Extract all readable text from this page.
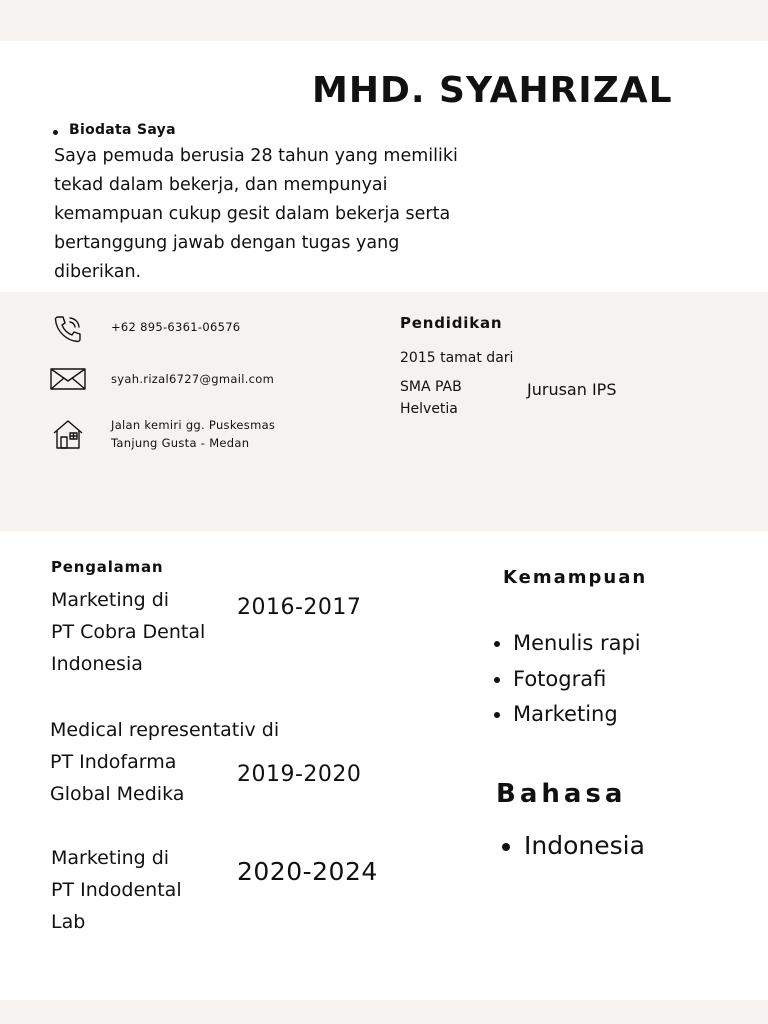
MHD. SYAHRIZAL
Biodata Saya
Saya pemuda berusia 28 tahun yang memiliki tekad dalam bekerja, dan mempunyai kemampuan cukup gesit dalam bekerja serta bertanggung jawab dengan tugas yang diberikan.
+62 895-6361-06576
syah.rizal6727@gmail.com
Jalan kemiri gg. Puskesmas
Tanjung Gusta - Medan
Pendidikan
2015 tamat dari
SMA PAB
Helvetia
Jurusan IPS
Pengalaman
Marketing di
PT Cobra Dental
Indonesia
2016-2017
Medical representativ di
PT Indofarma
Global Medika
2019-2020
Marketing di
PT Indodental
Lab
2020-2024
Kemampuan
• Menulis rapi
• Fotografi
• Marketing
Bahasa
• Indonesia
